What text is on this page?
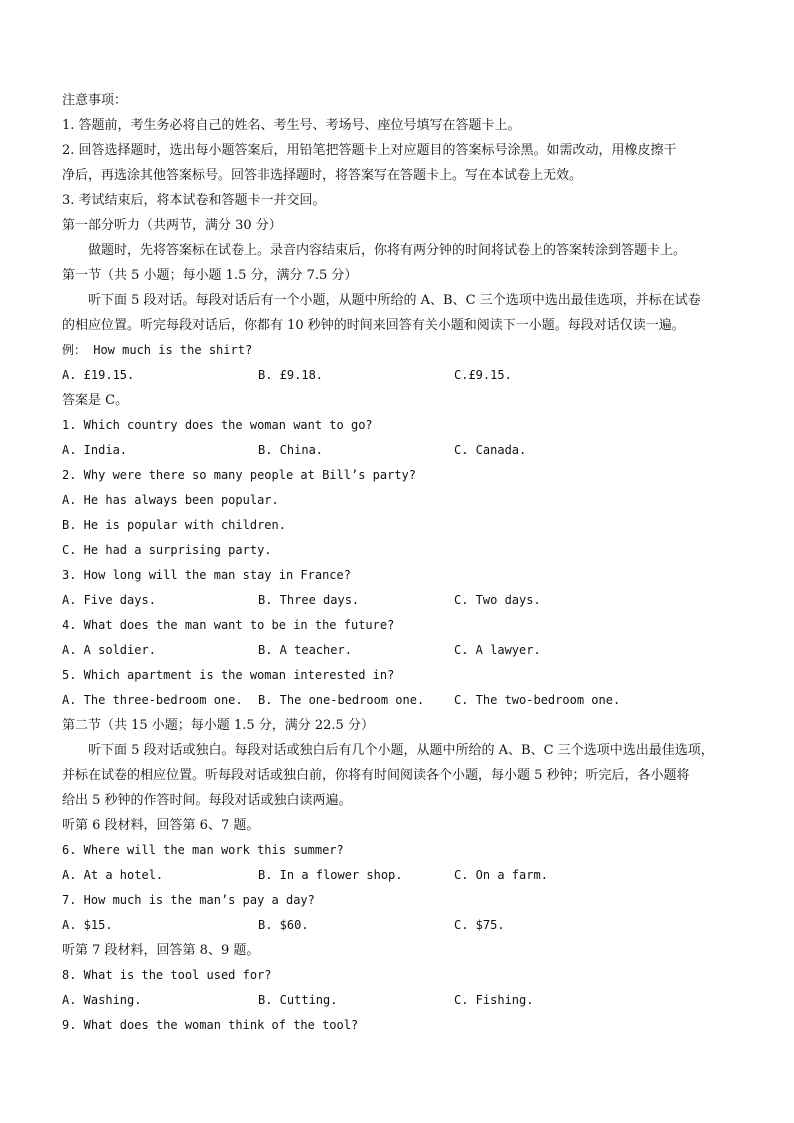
注意事项：
1. 答题前，考生务必将自己的姓名、考生号、考场号、座位号填写在答题卡上。
2. 回答选择题时，选出每小题答案后，用铅笔把答题卡上对应题目的答案标号涂黑。如需改动，用橡皮擦干
净后，再选涂其他答案标号。回答非选择题时，将答案写在答题卡上。写在本试卷上无效。
3. 考试结束后，将本试卷和答题卡一并交回。
第一部分听力（共两节，满分 30 分）
做题时，先将答案标在试卷上。录音内容结束后，你将有两分钟的时间将试卷上的答案转涂到答题卡上。
第一节（共 5 小题；每小题 1.5 分，满分 7.5 分）
听下面 5 段对话。每段对话后有一个小题，从题中所给的 A、B、C 三个选项中选出最佳选项，并标在试卷
的相应位置。听完每段对话后，你都有 10 秒钟的时间来回答有关小题和阅读下一小题。每段对话仅读一遍。
例： How much is the shirt?
A. £19.15.	B. £9.18.	C.£9.15.
答案是 C。
1. Which country does the woman want to go?
A. India.	B. China.	C. Canada.
2. Why were there so many people at Bill’s party?
A. He has always been popular.
B. He is popular with children.
C. He had a surprising party.
3. How long will the man stay in France?
A. Five days.	B. Three days.	C. Two days.
4. What does the man want to be in the future?
A. A soldier.	B. A teacher.	C. A lawyer.
5. Which apartment is the woman interested in?
A. The three-bedroom one.	B. The one-bedroom one.	C. The two-bedroom one.
第二节（共 15 小题；每小题 1.5 分，满分 22.5 分）
听下面 5 段对话或独白。每段对话或独白后有几个小题，从题中所给的 A、B、C 三个选项中选出最佳选项，
并标在试卷的相应位置。听每段对话或独白前，你将有时间阅读各个小题，每小题 5 秒钟；听完后，各小题将
给出 5 秒钟的作答时间。每段对话或独白读两遍。
听第 6 段材料，回答第 6、7 题。
6. Where will the man work this summer?
A. At a hotel.	B. In a flower shop.	C. On a farm.
7. How much is the man’s pay a day?
A. $15.	B. $60.	C. $75.
听第 7 段材料，回答第 8、9 题。
8. What is the tool used for?
A. Washing.	B. Cutting.	C. Fishing.
9. What does the woman think of the tool?
